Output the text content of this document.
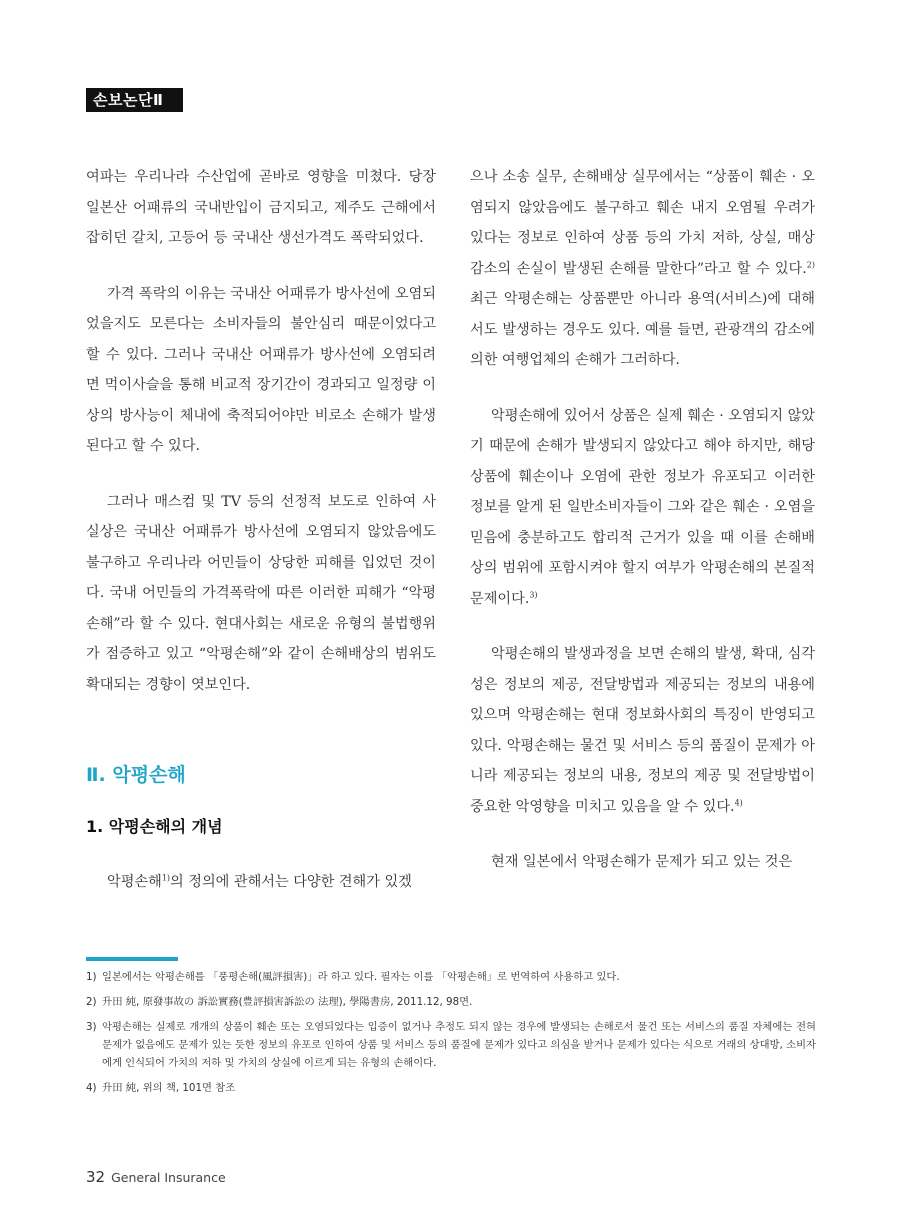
손보논단Ⅱ

여파는 우리나라 수산업에 곧바로 영향을 미쳤다. 당장 일본산 어패류의 국내반입이 금지되고, 제주도 근해에서 잡히던 갈치, 고등어 등 국내산 생선가격도 폭락되었다.

가격 폭락의 이유는 국내산 어패류가 방사선에 오염되었을지도 모른다는 소비자들의 불안심리 때문이었다고 할 수 있다. 그러나 국내산 어패류가 방사선에 오염되려면 먹이사슬을 통해 비교적 장기간이 경과되고 일정량 이상의 방사능이 체내에 축적되어야만 비로소 손해가 발생된다고 할 수 있다.

그러나 매스컴 및 TV 등의 선정적 보도로 인하여 사실상은 국내산 어패류가 방사선에 오염되지 않았음에도 불구하고 우리나라 어민들이 상당한 피해를 입었던 것이다. 국내 어민들의 가격폭락에 따른 이러한 피해가 “악평손해”라 할 수 있다. 현대사회는 새로운 유형의 불법행위가 점증하고 있고 “악평손해”와 같이 손해배상의 범위도 확대되는 경향이 엿보인다.

Ⅱ. 악평손해
1. 악평손해의 개념

악평손해$^{1)}$의 정의에 관해서는 다양한 견해가 있겠

으나 소송 실무, 손해배상 실무에서는 “상품이 훼손 · 오염되지 않았음에도 불구하고 훼손 내지 오염될 우려가 있다는 정보로 인하여 상품 등의 가치 저하, 상실, 매상 감소의 손실이 발생된 손해를 말한다”라고 할 수 있다.$^{2)}$ 최근 악평손해는 상품뿐만 아니라 용역(서비스)에 대해서도 발생하는 경우도 있다. 예를 들면, 관광객의 감소에 의한 여행업체의 손해가 그러하다.

악평손해에 있어서 상품은 실제 훼손 · 오염되지 않았기 때문에 손해가 발생되지 않았다고 해야 하지만, 해당 상품에 훼손이나 오염에 관한 정보가 유포되고 이러한 정보를 알게 된 일반소비자들이 그와 같은 훼손 · 오염을 믿음에 충분하고도 합리적 근거가 있을 때 이를 손해배상의 범위에 포함시켜야 할지 여부가 악평손해의 본질적 문제이다.$^{3)}$

악평손해의 발생과정을 보면 손해의 발생, 확대, 심각성은 정보의 제공, 전달방법과 제공되는 정보의 내용에 있으며 악평손해는 현대 정보화사회의 특징이 반영되고 있다. 악평손해는 물건 및 서비스 등의 품질이 문제가 아니라 제공되는 정보의 내용, 정보의 제공 및 전달방법이 중요한 악영향을 미치고 있음을 알 수 있다.$^{4)}$

현재 일본에서 악평손해가 문제가 되고 있는 것은

1) 일본에서는 악평손해를 「풍평손해(風評損害)」라 하고 있다. 필자는 이를 「악평손해」로 번역하여 사용하고 있다.
2) 升田 純, 原發事故の 訴訟實務(豊評損害訴訟の 法理), 學陽書房, 2011.12, 98면.
3) 악평손해는 실제로 개개의 상품이 훼손 또는 오염되었다는 입증이 없거나 추정도 되지 않는 경우에 발생되는 손해로서 물건 또는 서비스의 품질 자체에는 전혀 문제가 없음에도 문제가 있는 듯한 정보의 유포로 인하여 상품 및 서비스 등의 품질에 문제가 있다고 의심을 받거나 문제가 있다는 식으로 거래의 상대방, 소비자에게 인식되어 가치의 저하 및 가치의 상실에 이르게 되는 유형의 손해이다.
4) 升田 純, 위의 책, 101면 참조
32 General Insurance
